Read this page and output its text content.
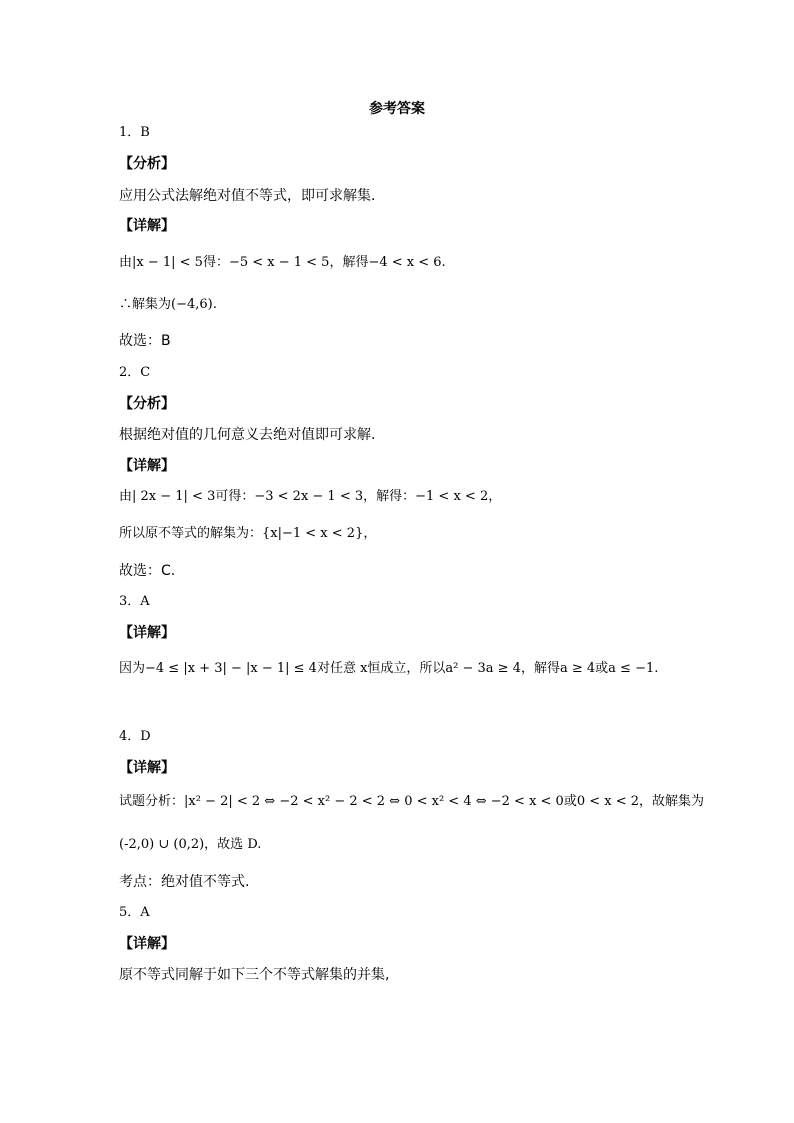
参考答案
1．B
【分析】
应用公式法解绝对值不等式，即可求解集.
【详解】
由|x − 1| < 5得：−5 < x − 1 < 5，解得−4 < x < 6.
∴解集为(−4,6).
故选：B
2．C
【分析】
根据绝对值的几何意义去绝对值即可求解.
【详解】
由| 2x − 1| < 3可得：−3 < 2x − 1 < 3，解得：−1 < x < 2，
所以原不等式的解集为：{x|−1 < x < 2}，
故选：C.
3．A
【详解】
因为−4 ≤ |x + 3| − |x − 1| ≤ 4对任意 x恒成立，所以a² − 3a ≥ 4，解得a ≥ 4或a ≤ −1.
4．D
【详解】
试题分析：|x² − 2| < 2 ⇔ −2 < x² − 2 < 2 ⇔ 0 < x² < 4 ⇔ −2 < x < 0或0 < x < 2，故解集为
(-2,0) ∪ (0,2)，故选 D.
考点：绝对值不等式.
5．A
【详解】
原不等式同解于如下三个不等式解集的并集,
